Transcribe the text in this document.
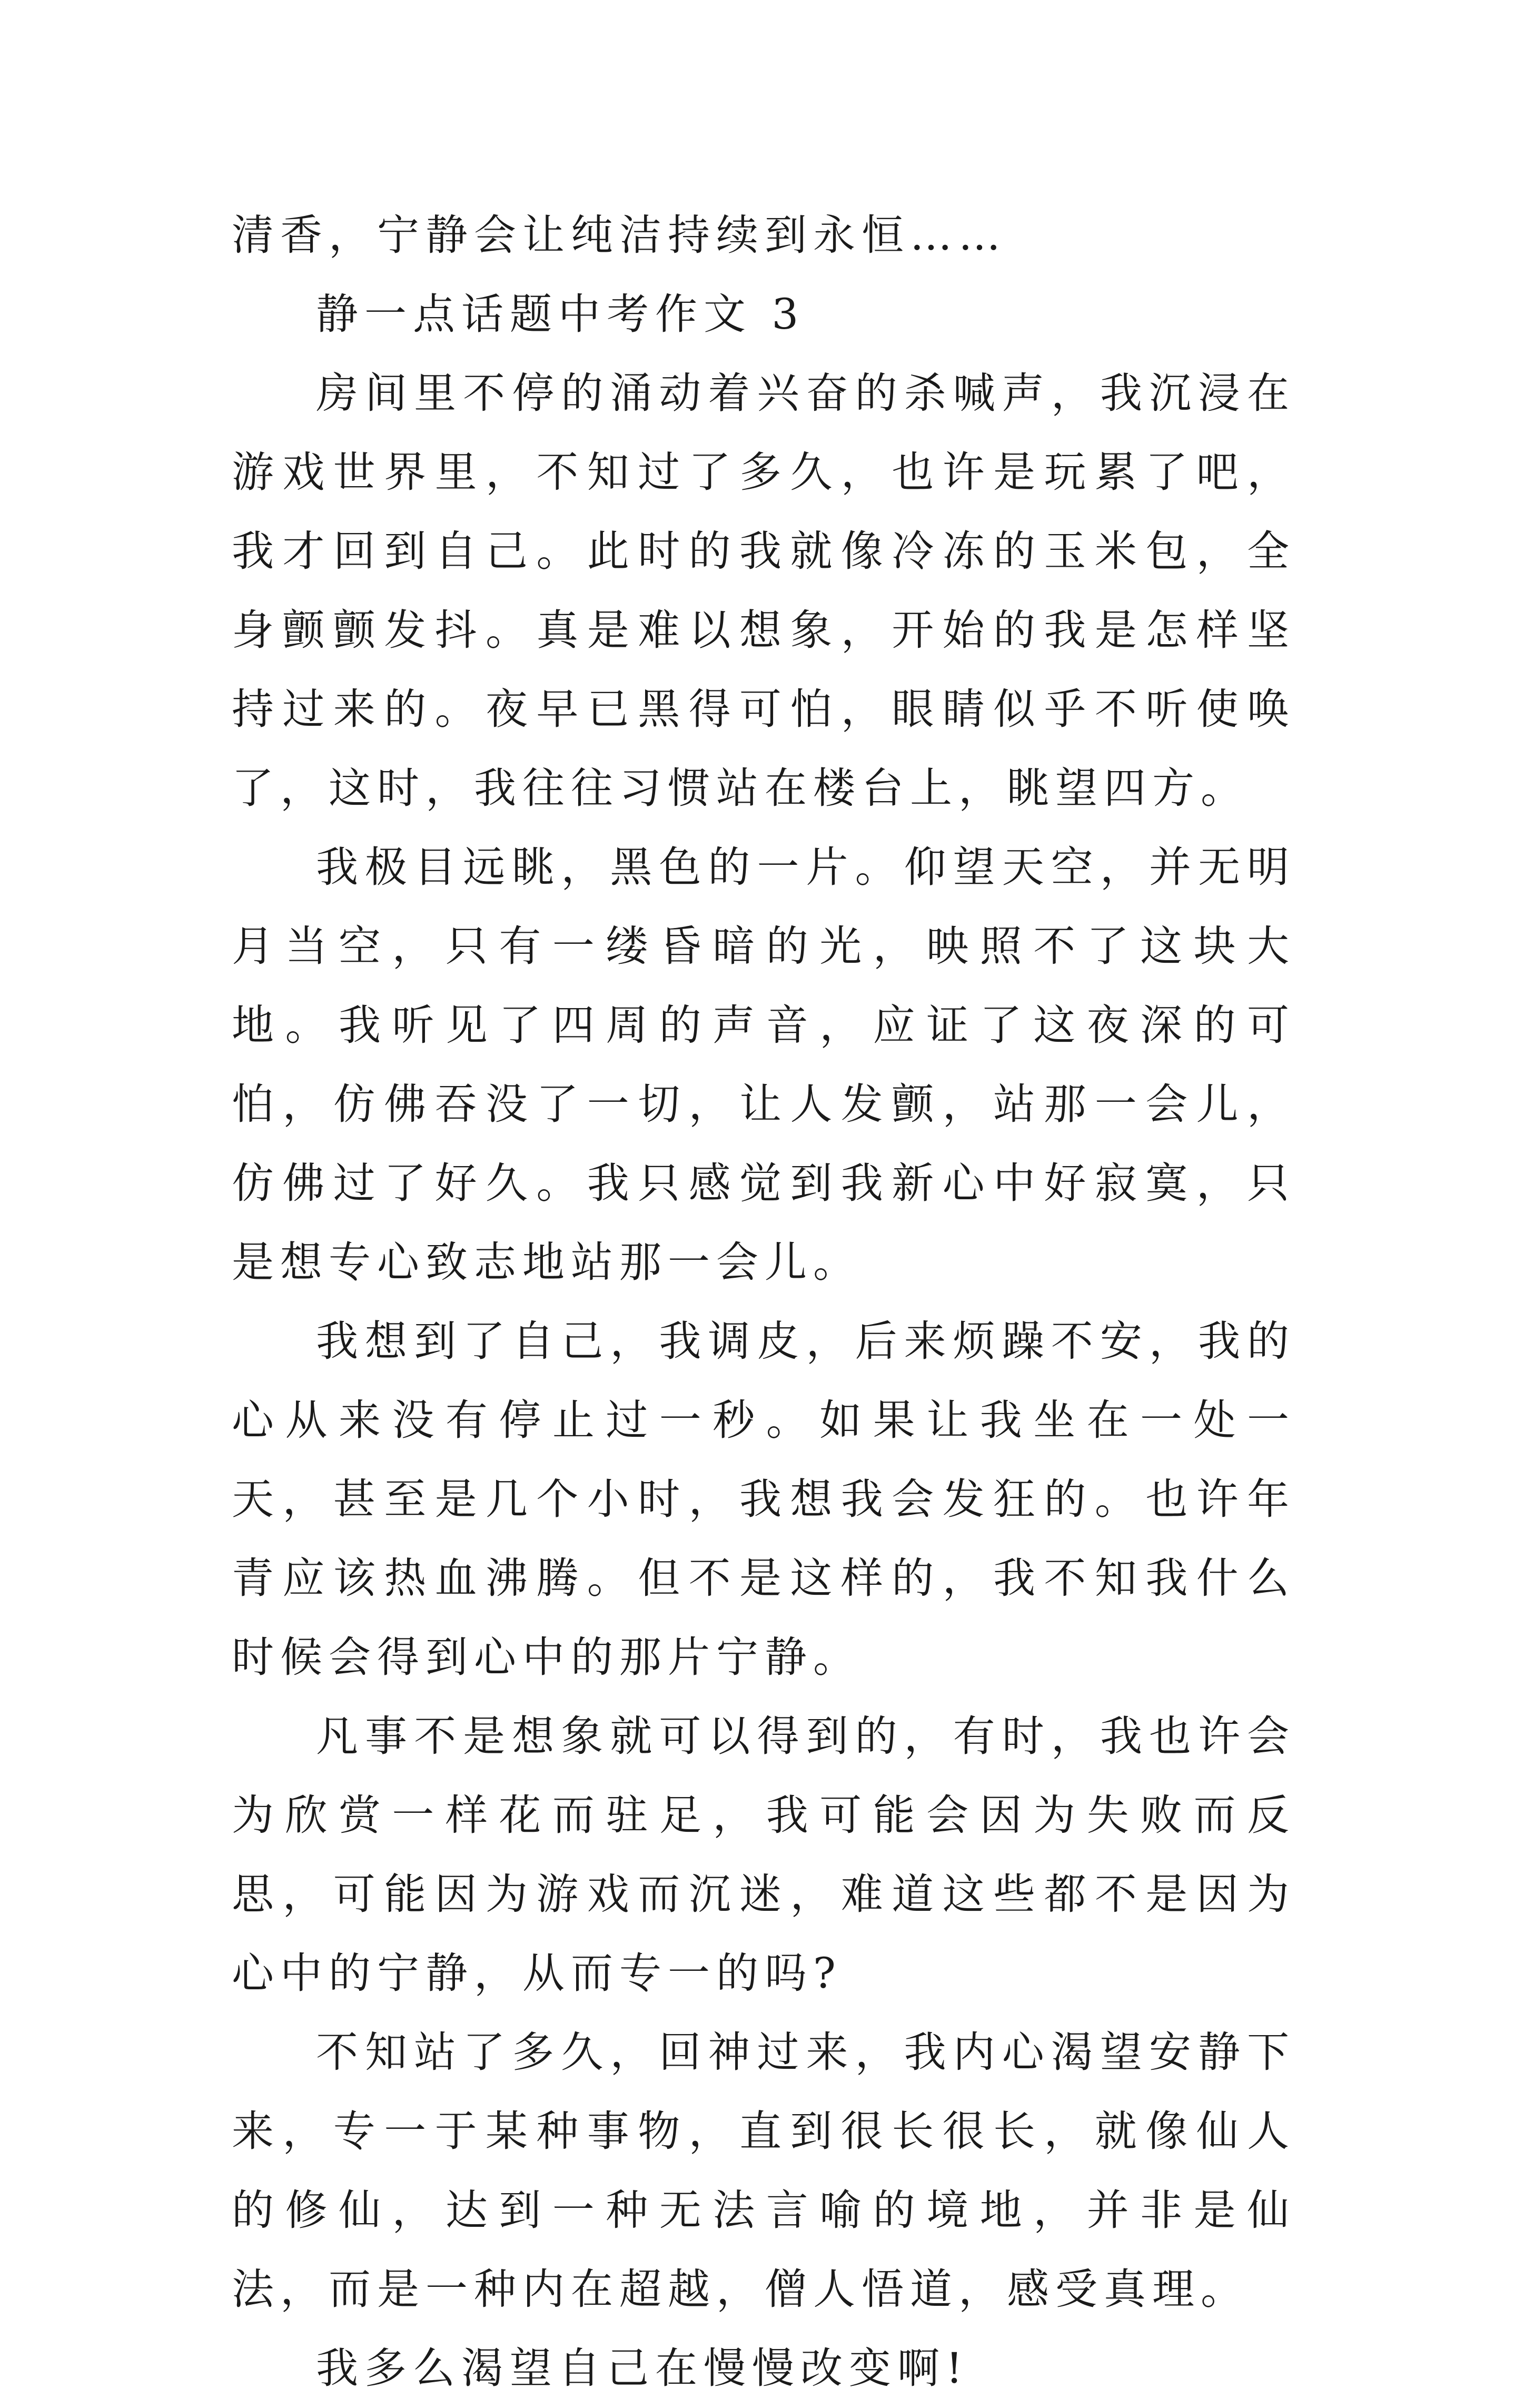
清香，宁静会让纯洁持续到永恒……

静一点话题中考作文 3

房间里不停的涌动着兴奋的杀喊声，我沉浸在游戏世界里，不知过了多久，也许是玩累了吧，我才回到自己。此时的我就像冷冻的玉米包，全身颤颤发抖。真是难以想象，开始的我是怎样坚持过来的。夜早已黑得可怕，眼睛似乎不听使唤了，这时，我往往习惯站在楼台上，眺望四方。

我极目远眺，黑色的一片。仰望天空，并无明月当空，只有一缕昏暗的光，映照不了这块大地。我听见了四周的声音，应证了这夜深的可怕，仿佛吞没了一切，让人发颤，站那一会儿，仿佛过了好久。我只感觉到我新心中好寂寞，只是想专心致志地站那一会儿。

我想到了自己，我调皮，后来烦躁不安，我的心从来没有停止过一秒。如果让我坐在一处一天，甚至是几个小时，我想我会发狂的。也许年青应该热血沸腾。但不是这样的，我不知我什么时候会得到心中的那片宁静。

凡事不是想象就可以得到的，有时，我也许会为欣赏一样花而驻足，我可能会因为失败而反思，可能因为游戏而沉迷，难道这些都不是因为心中的宁静，从而专一的吗?

不知站了多久，回神过来，我内心渴望安静下来，专一于某种事物，直到很长很长，就像仙人的修仙，达到一种无法言喻的境地，并非是仙法，而是一种内在超越，僧人悟道，感受真理。

我多么渴望自己在慢慢改变啊!
